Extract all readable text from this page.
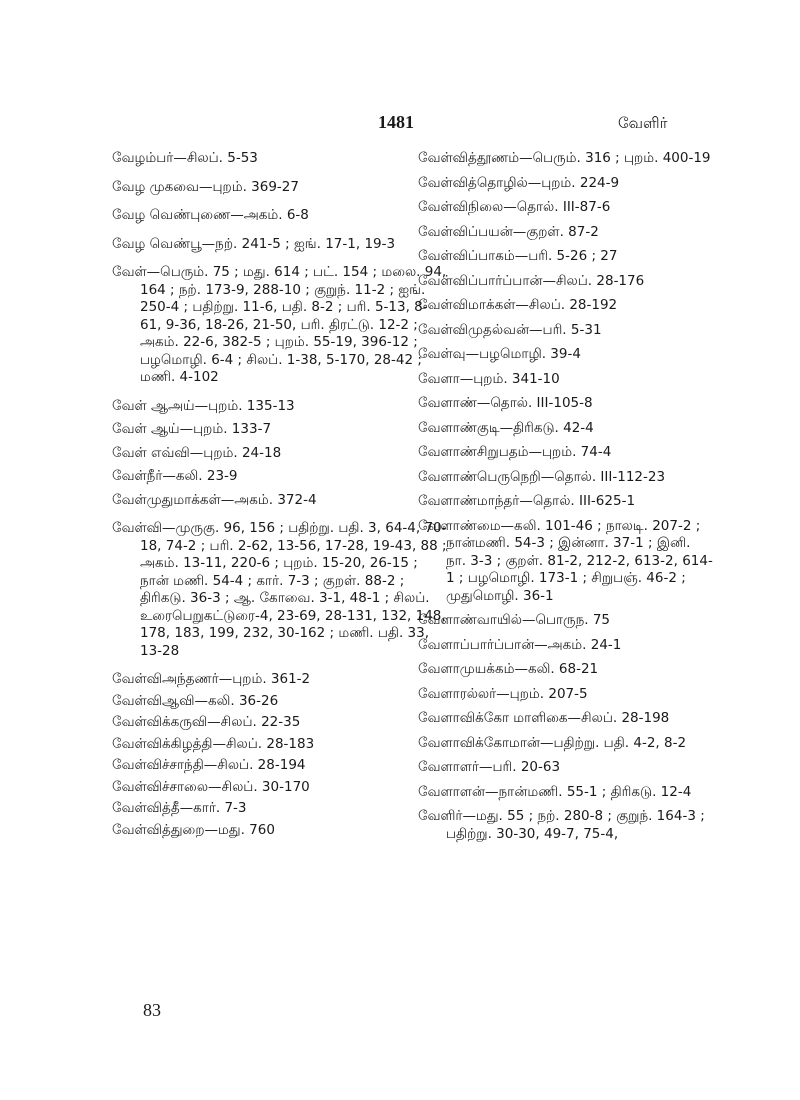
1481	வேளிர்

வேழம்பர்—சிலப். 5-53

வேழ முகவை—புறம். 369-27

வேழ வெண்புணை—அகம். 6-8

வேழ வெண்பூ—நற். 241-5 ; ஐங். 17-1, 19-3

வேள்—பெரும். 75 ; மது. 614 ; பட். 154 ; மலை. 94, 164 ; நற். 173-9, 288-10 ; குறுந். 11-2 ; ஐங். 250-4 ; பதிற்று. 11-6, பதி. 8-2 ; பரி. 5-13, 8-61, 9-36, 18-26, 21-50, பரி. திரட்டு. 12-2 ; அகம். 22-6, 382-5 ; புறம். 55-19, 396-12 ; பழமொழி. 6-4 ; சிலப். 1-38, 5-170, 28-42 ; மணி. 4-102

வேள் ஆஅய்—புறம். 135-13

வேள் ஆய்—புறம். 133-7

வேள் எவ்வி—புறம். 24-18

வேள்நீர்—கலி. 23-9

வேள்முதுமாக்கள்—அகம். 372-4

வேள்வி—முருகு. 96, 156 ; பதிற்று. பதி. 3, 64-4, 70-18, 74-2 ; பரி. 2-62, 13-56, 17-28, 19-43, 88 ; அகம். 13-11, 220-6 ; புறம். 15-20, 26-15 ; நான் மணி. 54-4 ; கார். 7-3 ; குறள். 88-2 ; திரிகடு. 36-3 ; ஆ. கோவை. 3-1, 48-1 ; சிலப். உரைபெறுகட்டுரை-4, 23-69, 28-131, 132, 148, 178, 183, 199, 232, 30-162 ; மணி. பதி. 33, 13-28

வேள்விஅந்தணர்—புறம். 361-2

வேள்விஆவி—கலி. 36-26

வேள்விக்கருவி—சிலப். 22-35

வேள்விக்கிழத்தி—சிலப். 28-183

வேள்விச்சாந்தி—சிலப். 28-194

வேள்விச்சாலை—சிலப். 30-170

வேள்வித்தீ—கார். 7-3

வேள்வித்துறை—மது. 760

வேள்வித்தூணம்—பெரும். 316 ; புறம். 400-19

வேள்வித்தொழில்—புறம். 224-9

வேள்விநிலை—தொல். III-87-6

வேள்விப்பயன்—குறள். 87-2

வேள்விப்பாகம்—பரி. 5-26 ; 27

வேள்விப்பார்ப்பான்—சிலப். 28-176

வேள்விமாக்கள்—சிலப். 28-192

வேள்விமுதல்வன்—பரி. 5-31

வேள்வு—பழமொழி. 39-4

வேளா—புறம். 341-10

வேளாண்—தொல். III-105-8

வேளாண்குடி—திரிகடு. 42-4

வேளாண்சிறுபதம்—புறம். 74-4

வேளாண்பெருநெறி—தொல். III-112-23

வேளாண்மாந்தர்—தொல். III-625-1

வேளாண்மை—கலி. 101-46 ; நாலடி. 207-2 ; நான்மணி. 54-3 ; இன்னா. 37-1 ; இனி. நா. 3-3 ; குறள். 81-2, 212-2, 613-2, 614-1 ; பழமொழி. 173-1 ; சிறுபஞ். 46-2 ; முதுமொழி. 36-1

வேளாண்வாயில்—பொருந. 75

வேளாப்பார்ப்பான்—அகம். 24-1

வேளாமுயக்கம்—கலி. 68-21

வேளாரல்லர்—புறம். 207-5

வேளாவிக்கோ மாளிகை—சிலப். 28-198

வேளாவிக்கோமான்—பதிற்று. பதி. 4-2, 8-2

வேளாளர்—பரி. 20-63

வேளாளன்—நான்மணி. 55-1 ; திரிகடு. 12-4

வேளிர்—மது. 55 ; நற். 280-8 ; குறுந். 164-3 ; பதிற்று. 30-30, 49-7, 75-4,

83
